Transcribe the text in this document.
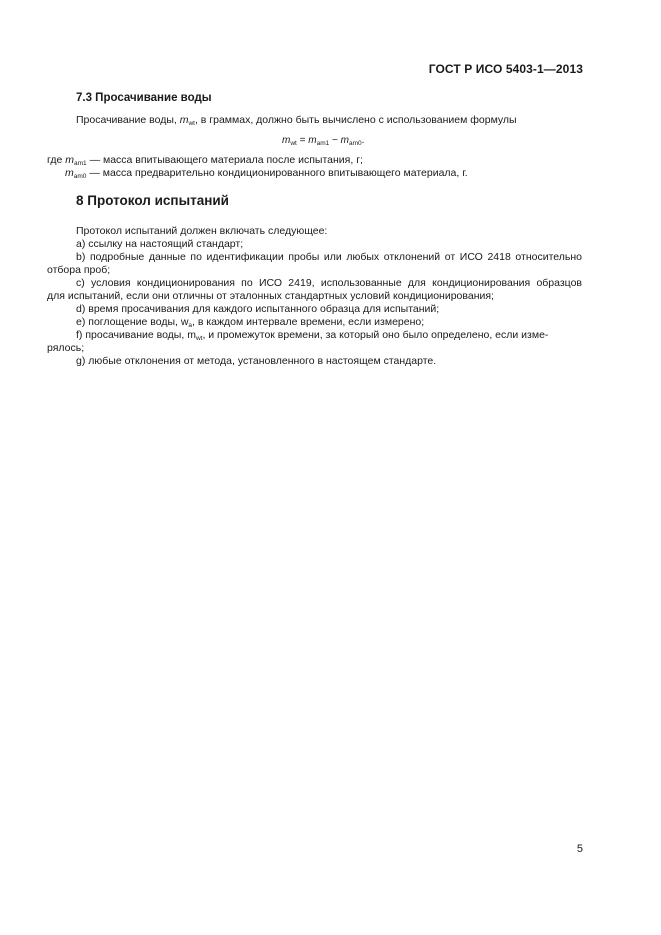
ГОСТ Р ИСО 5403-1—2013
7.3 Просачивание воды
Просачивание воды, $m_{wt}$, в граммах, должно быть вычислено с использованием формулы
$m_{wt} = m_{am1} - m_{am0}$.
где $m_{am1}$ — масса впитывающего материала после испытания, г;
$m_{am0}$ — масса предварительно кондиционированного впитывающего материала, г.
8 Протокол испытаний
Протокол испытаний должен включать следующее:
a) ссылку на настоящий стандарт;
b) подробные данные по идентификации пробы или любых отклонений от ИСО 2418 относительно
отбора проб;
c) условия кондиционирования по ИСО 2419, использованные для кондиционирования образцов
для испытаний, если они отличны от эталонных стандартных условий кондиционирования;
d) время просачивания для каждого испытанного образца для испытаний;
e) поглощение воды, $w_a$, в каждом интервале времени, если измерено;
f) просачивание воды, $m_{wt}$, и промежуток времени, за который оно было определено, если изме-
рялось;
g) любые отклонения от метода, установленного в настоящем стандарте.
5
